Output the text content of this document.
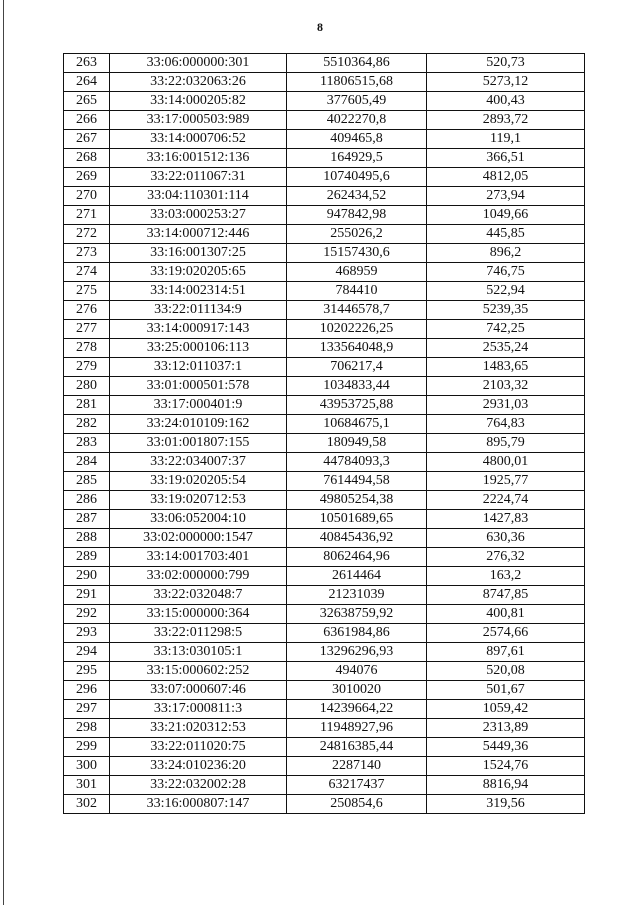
8
263	33:06:000000:301	5510364,86	520,73
264	33:22:032063:26	11806515,68	5273,12
265	33:14:000205:82	377605,49	400,43
266	33:17:000503:989	4022270,8	2893,72
267	33:14:000706:52	409465,8	119,1
268	33:16:001512:136	164929,5	366,51
269	33:22:011067:31	10740495,6	4812,05
270	33:04:110301:114	262434,52	273,94
271	33:03:000253:27	947842,98	1049,66
272	33:14:000712:446	255026,2	445,85
273	33:16:001307:25	15157430,6	896,2
274	33:19:020205:65	468959	746,75
275	33:14:002314:51	784410	522,94
276	33:22:011134:9	31446578,7	5239,35
277	33:14:000917:143	10202226,25	742,25
278	33:25:000106:113	133564048,9	2535,24
279	33:12:011037:1	706217,4	1483,65
280	33:01:000501:578	1034833,44	2103,32
281	33:17:000401:9	43953725,88	2931,03
282	33:24:010109:162	10684675,1	764,83
283	33:01:001807:155	180949,58	895,79
284	33:22:034007:37	44784093,3	4800,01
285	33:19:020205:54	7614494,58	1925,77
286	33:19:020712:53	49805254,38	2224,74
287	33:06:052004:10	10501689,65	1427,83
288	33:02:000000:1547	40845436,92	630,36
289	33:14:001703:401	8062464,96	276,32
290	33:02:000000:799	2614464	163,2
291	33:22:032048:7	21231039	8747,85
292	33:15:000000:364	32638759,92	400,81
293	33:22:011298:5	6361984,86	2574,66
294	33:13:030105:1	13296296,93	897,61
295	33:15:000602:252	494076	520,08
296	33:07:000607:46	3010020	501,67
297	33:17:000811:3	14239664,22	1059,42
298	33:21:020312:53	11948927,96	2313,89
299	33:22:011020:75	24816385,44	5449,36
300	33:24:010236:20	2287140	1524,76
301	33:22:032002:28	63217437	8816,94
302	33:16:000807:147	250854,6	319,56
